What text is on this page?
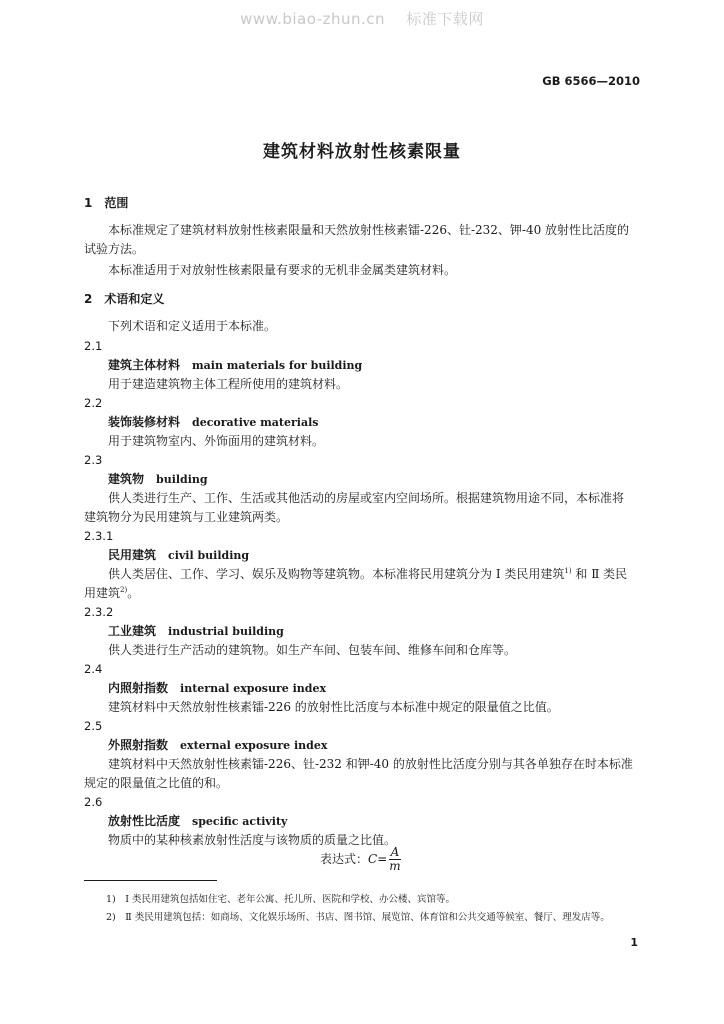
www.biao-zhun.cn 标准下载网
GB 6566—2010
建筑材料放射性核素限量
1　范围
本标准规定了建筑材料放射性核素限量和天然放射性核素镭-226、钍-232、钾-40 放射性比活度的
试验方法。
本标准适用于对放射性核素限量有要求的无机非金属类建筑材料。
2　术语和定义
下列术语和定义适用于本标准。
2.1
建筑主体材料 main materials for building
用于建造建筑物主体工程所使用的建筑材料。
2.2
装饰装修材料 decorative materials
用于建筑物室内、外饰面用的建筑材料。
2.3
建筑物 building
供人类进行生产、工作、生活或其他活动的房屋或室内空间场所。根据建筑物用途不同，本标准将
建筑物分为民用建筑与工业建筑两类。
2.3.1
民用建筑 civil building
供人类居住、工作、学习、娱乐及购物等建筑物。本标准将民用建筑分为 Ⅰ 类民用建筑$^{1)}$ 和 Ⅱ 类民
用建筑$^{2)}$。
2.3.2
工业建筑 industrial building
供人类进行生产活动的建筑物。如生产车间、包装车间、维修车间和仓库等。
2.4
内照射指数 internal exposure index
建筑材料中天然放射性核素镭-226 的放射性比活度与本标准中规定的限量值之比值。
2.5
外照射指数 external exposure index
建筑材料中天然放射性核素镭-226、钍-232 和钾-40 的放射性比活度分别与其各单独存在时本标准
规定的限量值之比值的和。
2.6
放射性比活度 specific activity
物质中的某种核素放射性活度与该物质的质量之比值。
表达式：$C= \frac{A}{m}$
1)  Ⅰ 类民用建筑包括如住宅、老年公寓、托儿所、医院和学校、办公楼、宾馆等。
2)  Ⅱ 类民用建筑包括：如商场、文化娱乐场所、书店、图书馆、展览馆、体育馆和公共交通等候室、餐厅、理发店等。
1
